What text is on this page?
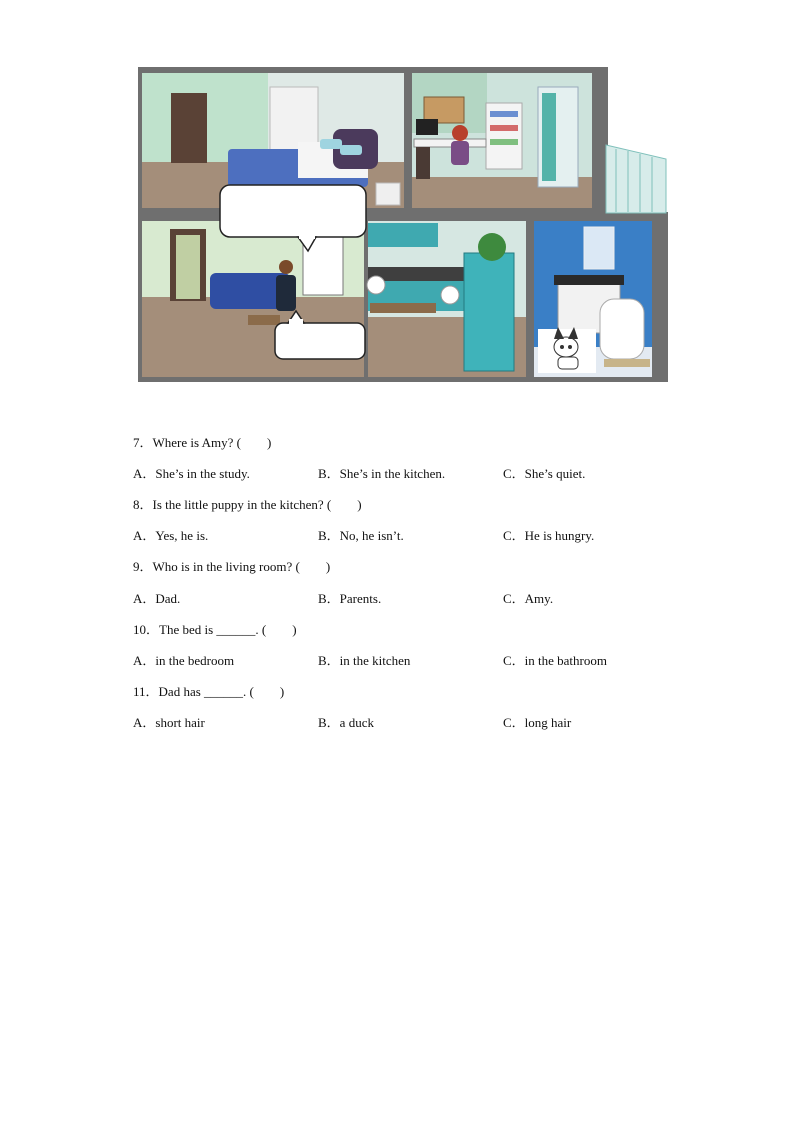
7．Where is Amy? (　　)
A．She’s in the study.	B．She’s in the kitchen.	C．She’s quiet.
8．Is the little puppy in the kitchen? (　　)
A．Yes, he is.	B．No, he isn’t.	C．He is hungry.
9．Who is in the living room? (　　)
A．Dad.	B．Parents.	C．Amy.
10．The bed is ______. (　　)
A．in the bedroom	B．in the kitchen	C．in the bathroom
11．Dad has ______. (　　)
A．short hair	B．a duck	C．long hair
